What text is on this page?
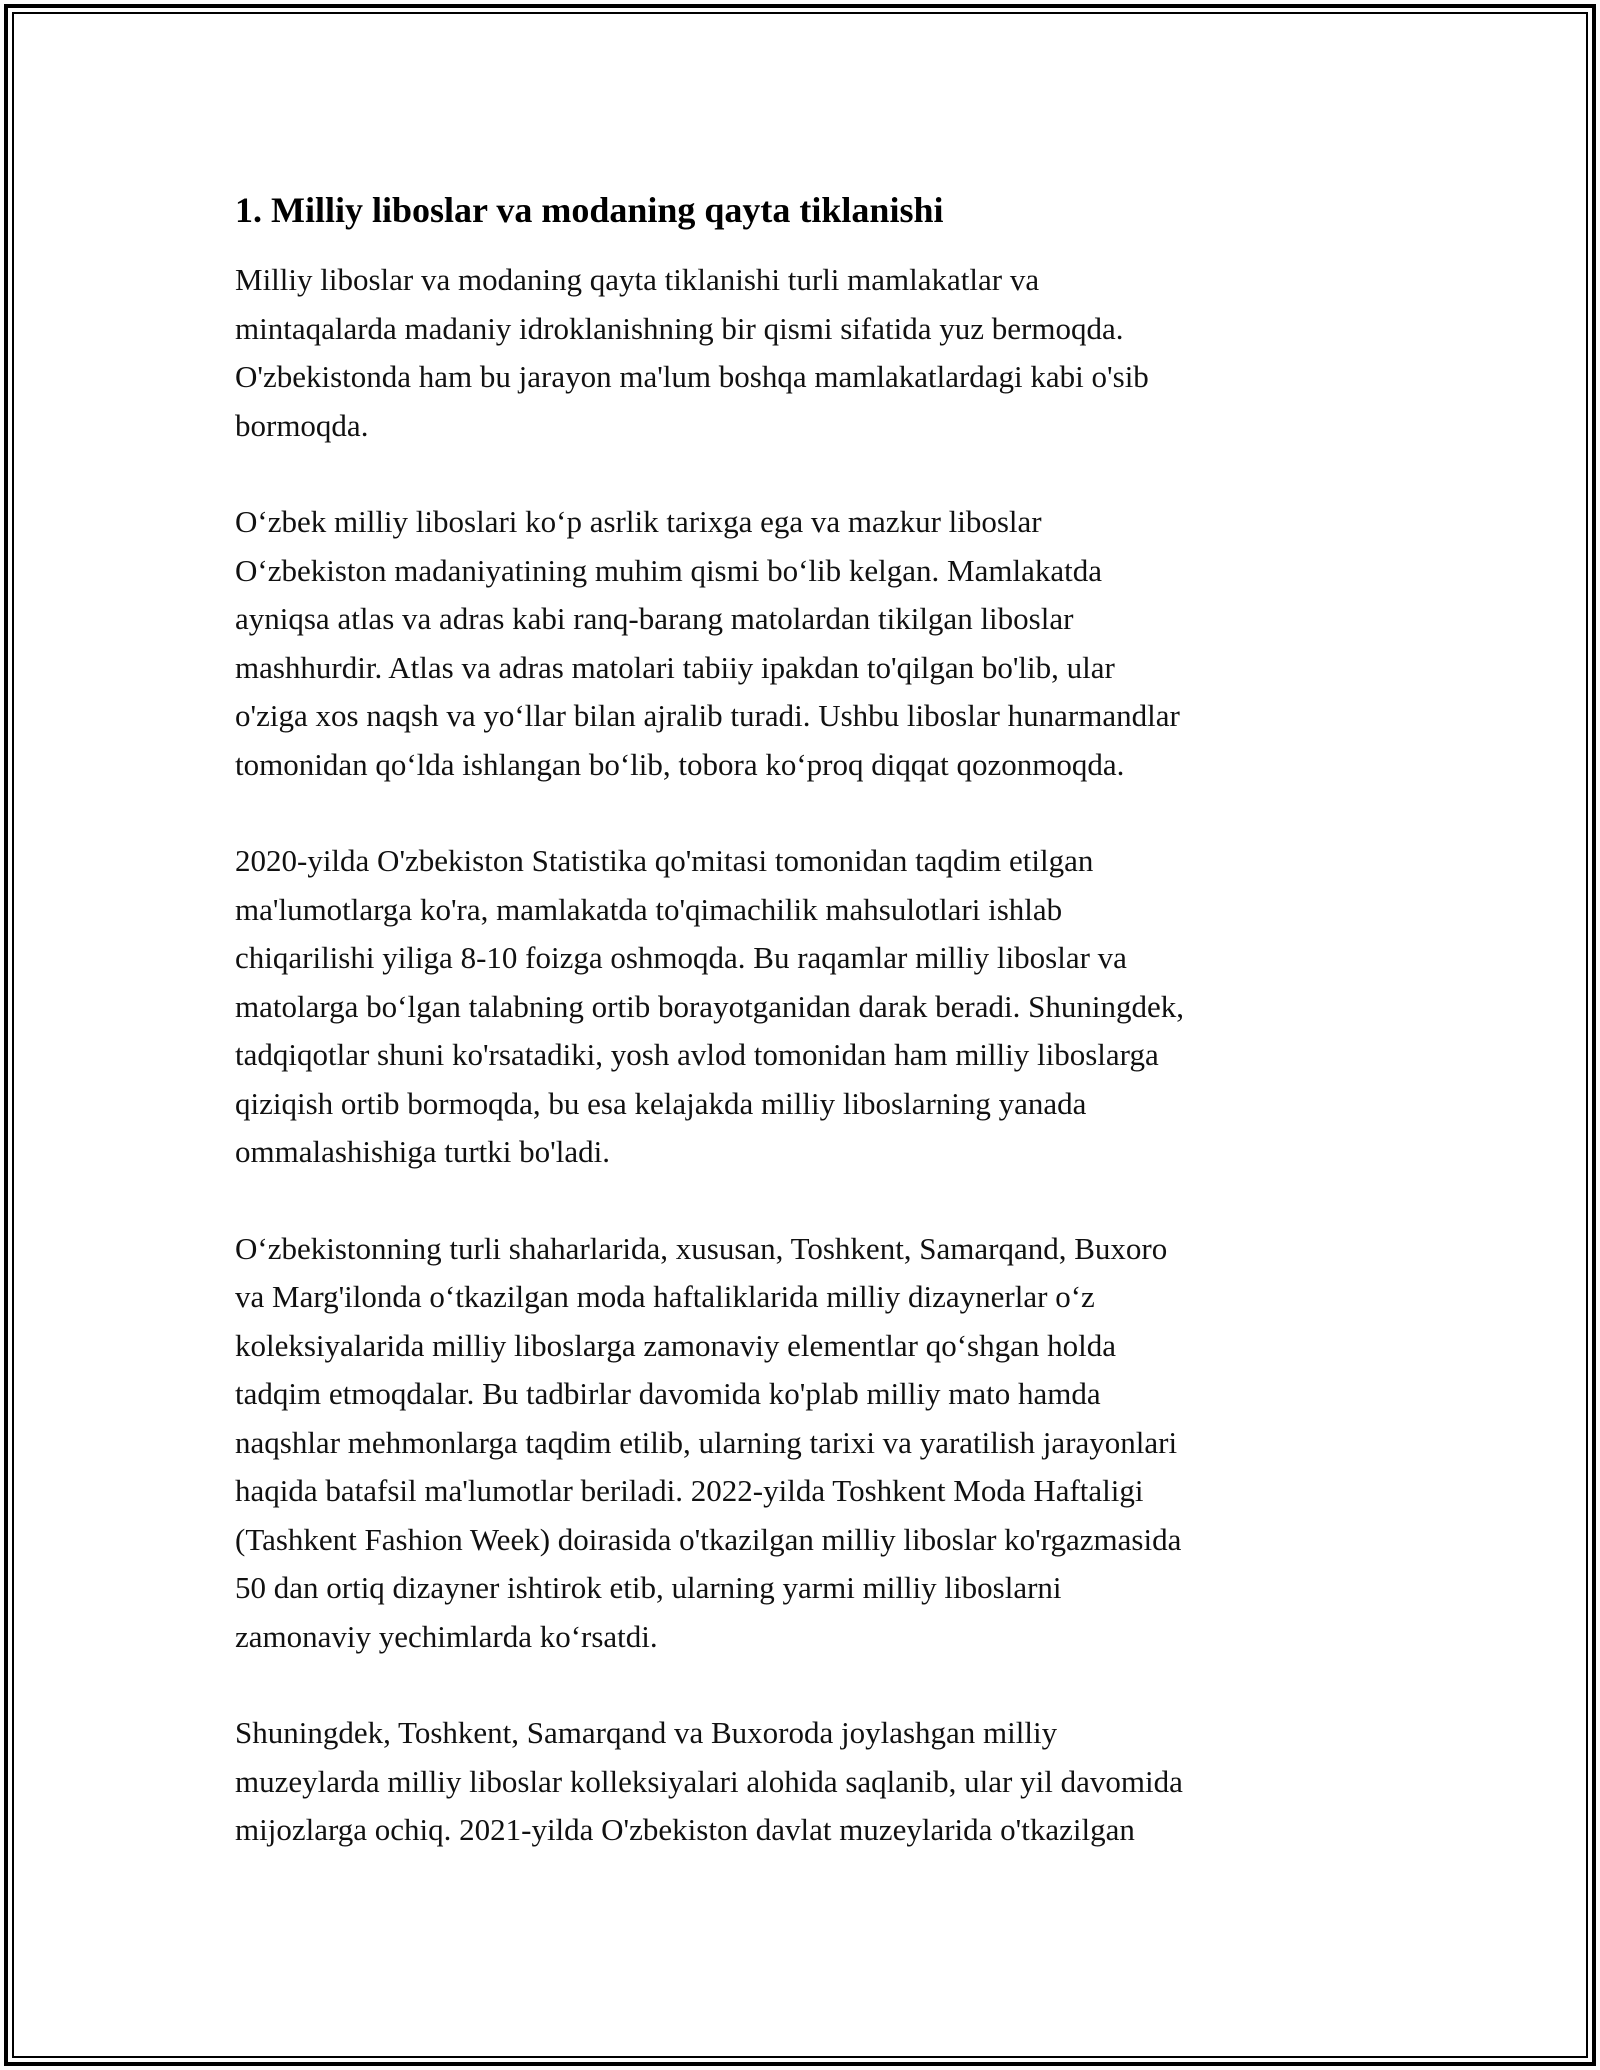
1. Milliy liboslar va modaning qayta tiklanishi
Milliy liboslar va modaning qayta tiklanishi turli mamlakatlar va
mintaqalarda madaniy idroklanishning bir qismi sifatida yuz bermoqda.
O'zbekistonda ham bu jarayon ma'lum boshqa mamlakatlardagi kabi o'sib
bormoqda.
O‘zbek milliy liboslari ko‘p asrlik tarixga ega va mazkur liboslar
O‘zbekiston madaniyatining muhim qismi bo‘lib kelgan. Mamlakatda
ayniqsa atlas va adras kabi ranq-barang matolardan tikilgan liboslar
mashhurdir. Atlas va adras matolari tabiiy ipakdan to'qilgan bo'lib, ular
o'ziga xos naqsh va yo‘llar bilan ajralib turadi. Ushbu liboslar hunarmandlar
tomonidan qo‘lda ishlangan bo‘lib, tobora ko‘proq diqqat qozonmoqda.
2020-yilda O'zbekiston Statistika qo'mitasi tomonidan taqdim etilgan
ma'lumotlarga ko'ra, mamlakatda to'qimachilik mahsulotlari ishlab
chiqarilishi yiliga 8-10 foizga oshmoqda. Bu raqamlar milliy liboslar va
matolarga bo‘lgan talabning ortib borayotganidan darak beradi. Shuningdek,
tadqiqotlar shuni ko'rsatadiki, yosh avlod tomonidan ham milliy liboslarga
qiziqish ortib bormoqda, bu esa kelajakda milliy liboslarning yanada
ommalashishiga turtki bo'ladi.
O‘zbekistonning turli shaharlarida, xususan, Toshkent, Samarqand, Buxoro
va Marg'ilonda o‘tkazilgan moda haftaliklarida milliy dizaynerlar o‘z
koleksiyalarida milliy liboslarga zamonaviy elementlar qo‘shgan holda
tadqim etmoqdalar. Bu tadbirlar davomida ko'plab milliy mato hamda
naqshlar mehmonlarga taqdim etilib, ularning tarixi va yaratilish jarayonlari
haqida batafsil ma'lumotlar beriladi. 2022-yilda Toshkent Moda Haftaligi
(Tashkent Fashion Week) doirasida o'tkazilgan milliy liboslar ko'rgazmasida
50 dan ortiq dizayner ishtirok etib, ularning yarmi milliy liboslarni
zamonaviy yechimlarda ko‘rsatdi.
Shuningdek, Toshkent, Samarqand va Buxoroda joylashgan milliy
muzeylarda milliy liboslar kolleksiyalari alohida saqlanib, ular yil davomida
mijozlarga ochiq. 2021-yilda O'zbekiston davlat muzeylarida o'tkazilgan
